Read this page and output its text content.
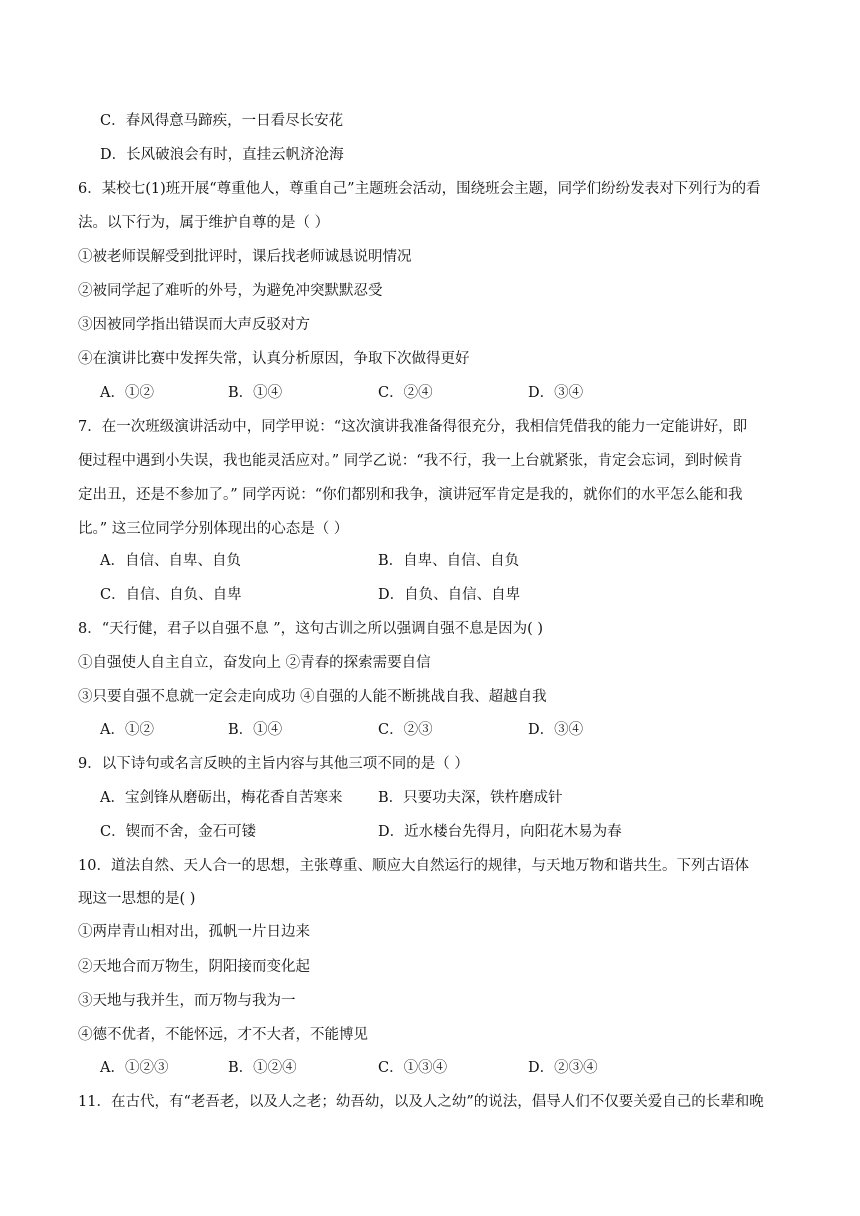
C．春风得意马蹄疾，一日看尽长安花
D．长风破浪会有时，直挂云帆济沧海
6．某校七(1)班开展“尊重他人，尊重自己”主题班会活动，围绕班会主题，同学们纷纷发表对下列行为的看
法。以下行为，属于维护自尊的是（ ）
①被老师误解受到批评时，课后找老师诚恳说明情况
②被同学起了难听的外号，为避免冲突默默忍受
③因被同学指出错误而大声反驳对方
④在演讲比赛中发挥失常，认真分析原因，争取下次做得更好
A．①②	B．①④	C．②④	D．③④
7．在一次班级演讲活动中，同学甲说：“这次演讲我准备得很充分，我相信凭借我的能力一定能讲好，即
便过程中遇到小失误，我也能灵活应对。” 同学乙说：“我不行，我一上台就紧张，肯定会忘词，到时候肯
定出丑，还是不参加了。” 同学丙说：“你们都别和我争，演讲冠军肯定是我的，就你们的水平怎么能和我
比。” 这三位同学分别体现出的心态是（ ）
A．自信、自卑、自负	B．自卑、自信、自负
C．自信、自负、自卑	D．自负、自信、自卑
8．“天行健，君子以自强不息 ”，这句古训之所以强调自强不息是因为( )
①自强使人自主自立，奋发向上 ②青春的探索需要自信
③只要自强不息就一定会走向成功 ④自强的人能不断挑战自我、超越自我
A．①②	B．①④	C．②③	D．③④
9．以下诗句或名言反映的主旨内容与其他三项不同的是（ ）
A．宝剑锋从磨砺出，梅花香自苦寒来 B．只要功夫深，铁杵磨成针
C．锲而不舍，金石可镂	D．近水楼台先得月，向阳花木易为春
10．道法自然、天人合一的思想，主张尊重、顺应大自然运行的规律，与天地万物和谐共生。下列古语体
现这一思想的是( )
①两岸青山相对出，孤帆一片日边来
②天地合而万物生，阴阳接而变化起
③天地与我并生，而万物与我为一
④德不优者，不能怀远，才不大者，不能博见
A．①②③	B．①②④	C．①③④	D．②③④
11．在古代，有“老吾老，以及人之老；幼吾幼，以及人之幼”的说法，倡导人们不仅要关爱自己的长辈和晚
